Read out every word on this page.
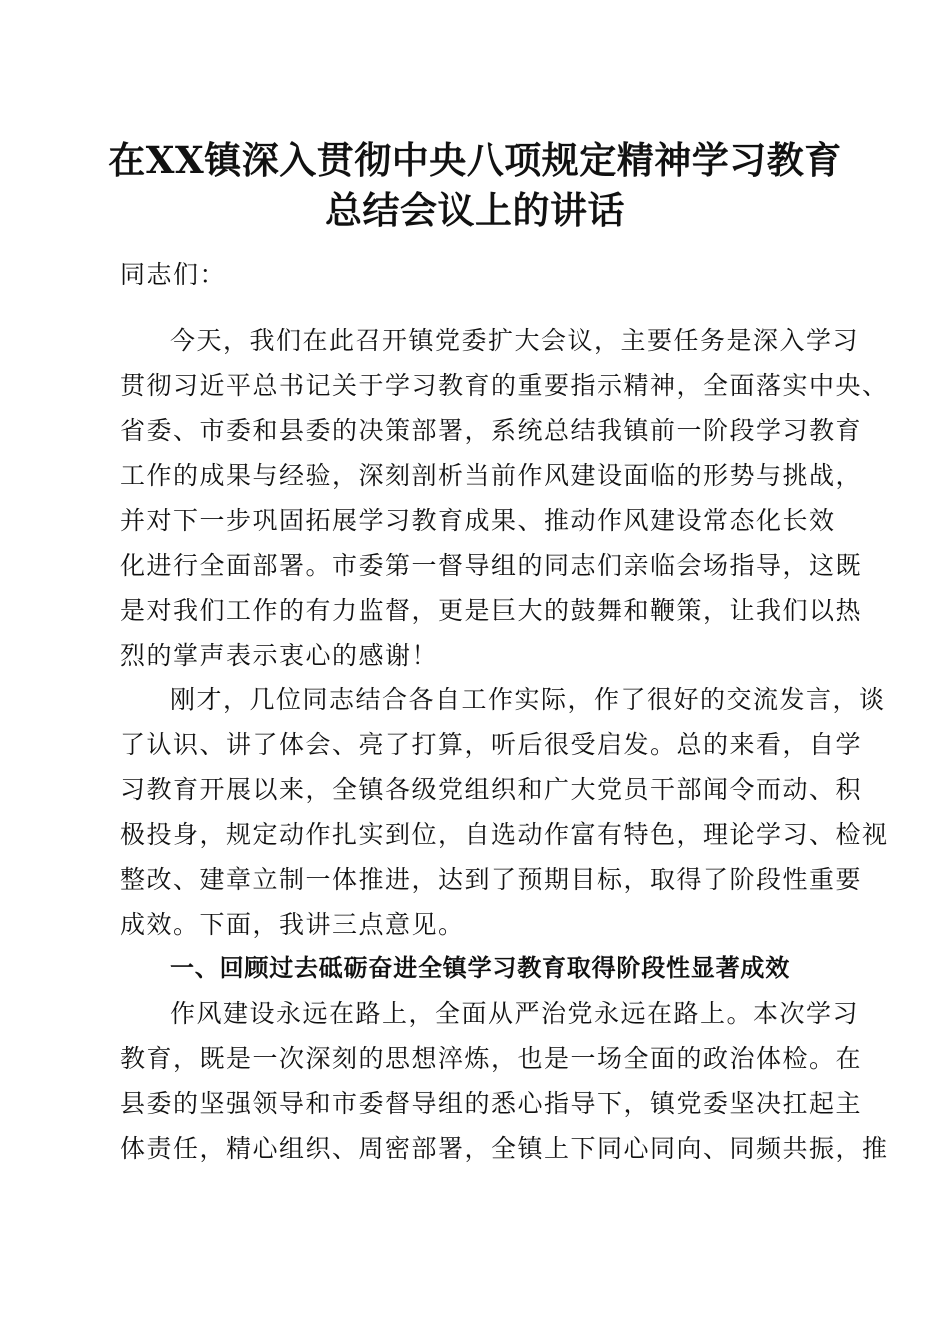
在XX镇深入贯彻中央八项规定精神学习教育
总结会议上的讲话
同志们：
今天，我们在此召开镇党委扩大会议，主要任务是深入学习
贯彻习近平总书记关于学习教育的重要指示精神，全面落实中央、
省委、市委和县委的决策部署，系统总结我镇前一阶段学习教育
工作的成果与经验，深刻剖析当前作风建设面临的形势与挑战，
并对下一步巩固拓展学习教育成果、推动作风建设常态化长效
化进行全面部署。市委第一督导组的同志们亲临会场指导，这既
是对我们工作的有力监督，更是巨大的鼓舞和鞭策，让我们以热
烈的掌声表示衷心的感谢！
刚才，几位同志结合各自工作实际，作了很好的交流发言，谈
了认识、讲了体会、亮了打算，听后很受启发。总的来看，自学
习教育开展以来，全镇各级党组织和广大党员干部闻令而动、积
极投身，规定动作扎实到位，自选动作富有特色，理论学习、检视
整改、建章立制一体推进，达到了预期目标，取得了阶段性重要
成效。下面，我讲三点意见。
一、回顾过去砥砺奋进全镇学习教育取得阶段性显著成效
作风建设永远在路上，全面从严治党永远在路上。本次学习
教育，既是一次深刻的思想淬炼，也是一场全面的政治体检。在
县委的坚强领导和市委督导组的悉心指导下，镇党委坚决扛起主
体责任，精心组织、周密部署，全镇上下同心同向、同频共振，推
